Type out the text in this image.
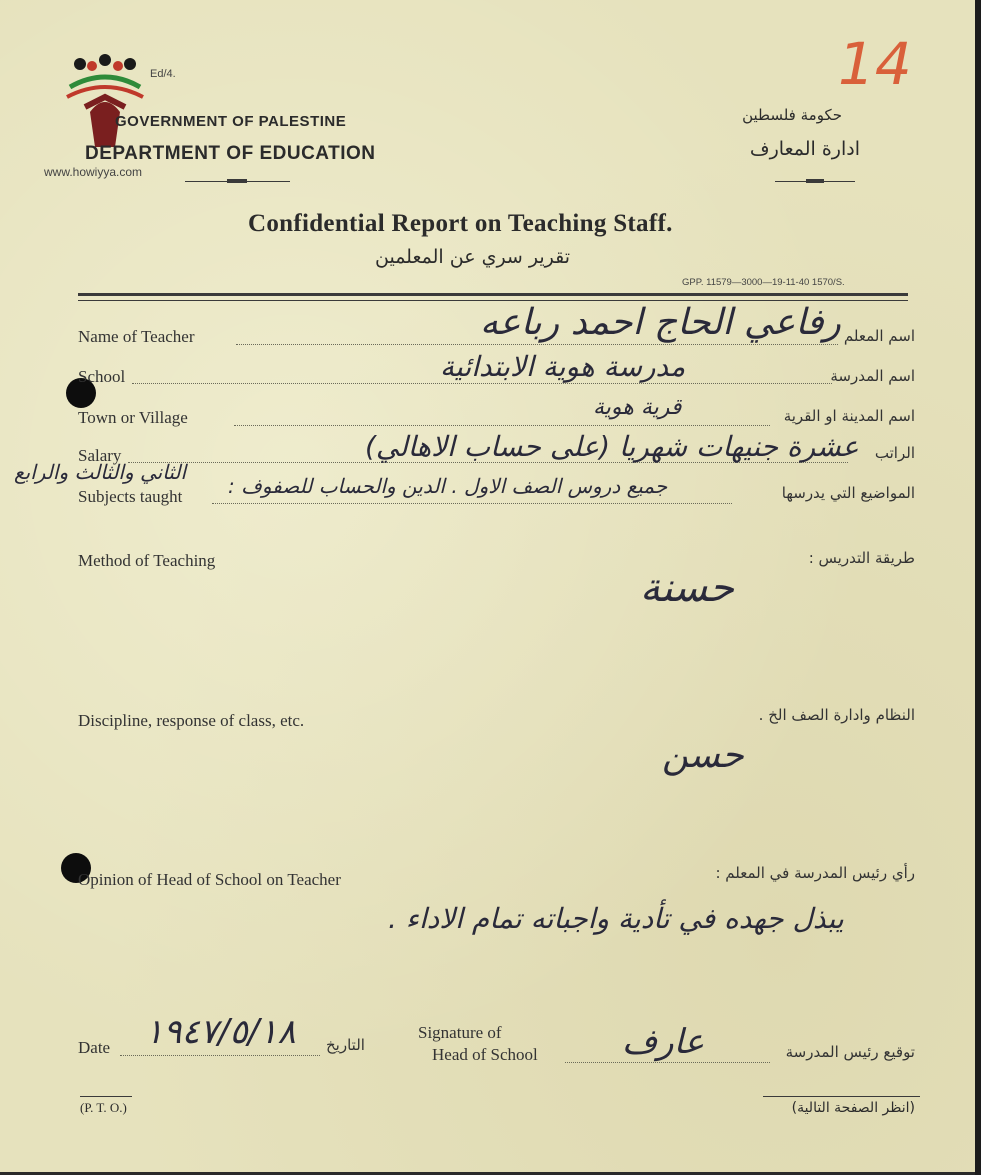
www.howiyya.com
Ed/4.
GOVERNMENT OF PALESTINE
DEPARTMENT OF EDUCATION
14
حكومة فلسطين
ادارة المعارف
Confidential Report on Teaching Staff.
تقرير سري عن المعلمين
GPP. 11579—3000—19-11-40 1570/S.
Name of Teacher	اسم المعلم
رفاعي الحاج احمد رباعه
School	اسم المدرسة
مدرسة هوية الابتدائية
Town or Village	اسم المدينة او القرية
قرية هوية
Salary	الراتب
عشرة جنيهات شهريا (على حساب الاهالي)
Subjects taught	المواضيع التي يدرسها
جميع دروس الصف الاول . الدين والحساب للصفوف :
الثاني والثالث والرابع
Method of Teaching	طريقة التدريس :
حسنة
Discipline, response of class, etc.	النظام وادارة الصف الخ .
حسن
Opinion of Head of School on Teacher	رأي رئيس المدرسة في المعلم :
يبذل جهده في تأدية واجباته تمام الاداء .
Date ١٩٤٧/٥/١٨ التاريخ
Signature of
Head of School عارف	توقيع رئيس المدرسة
(P. T. O.)	(انظر الصفحة التالية)
